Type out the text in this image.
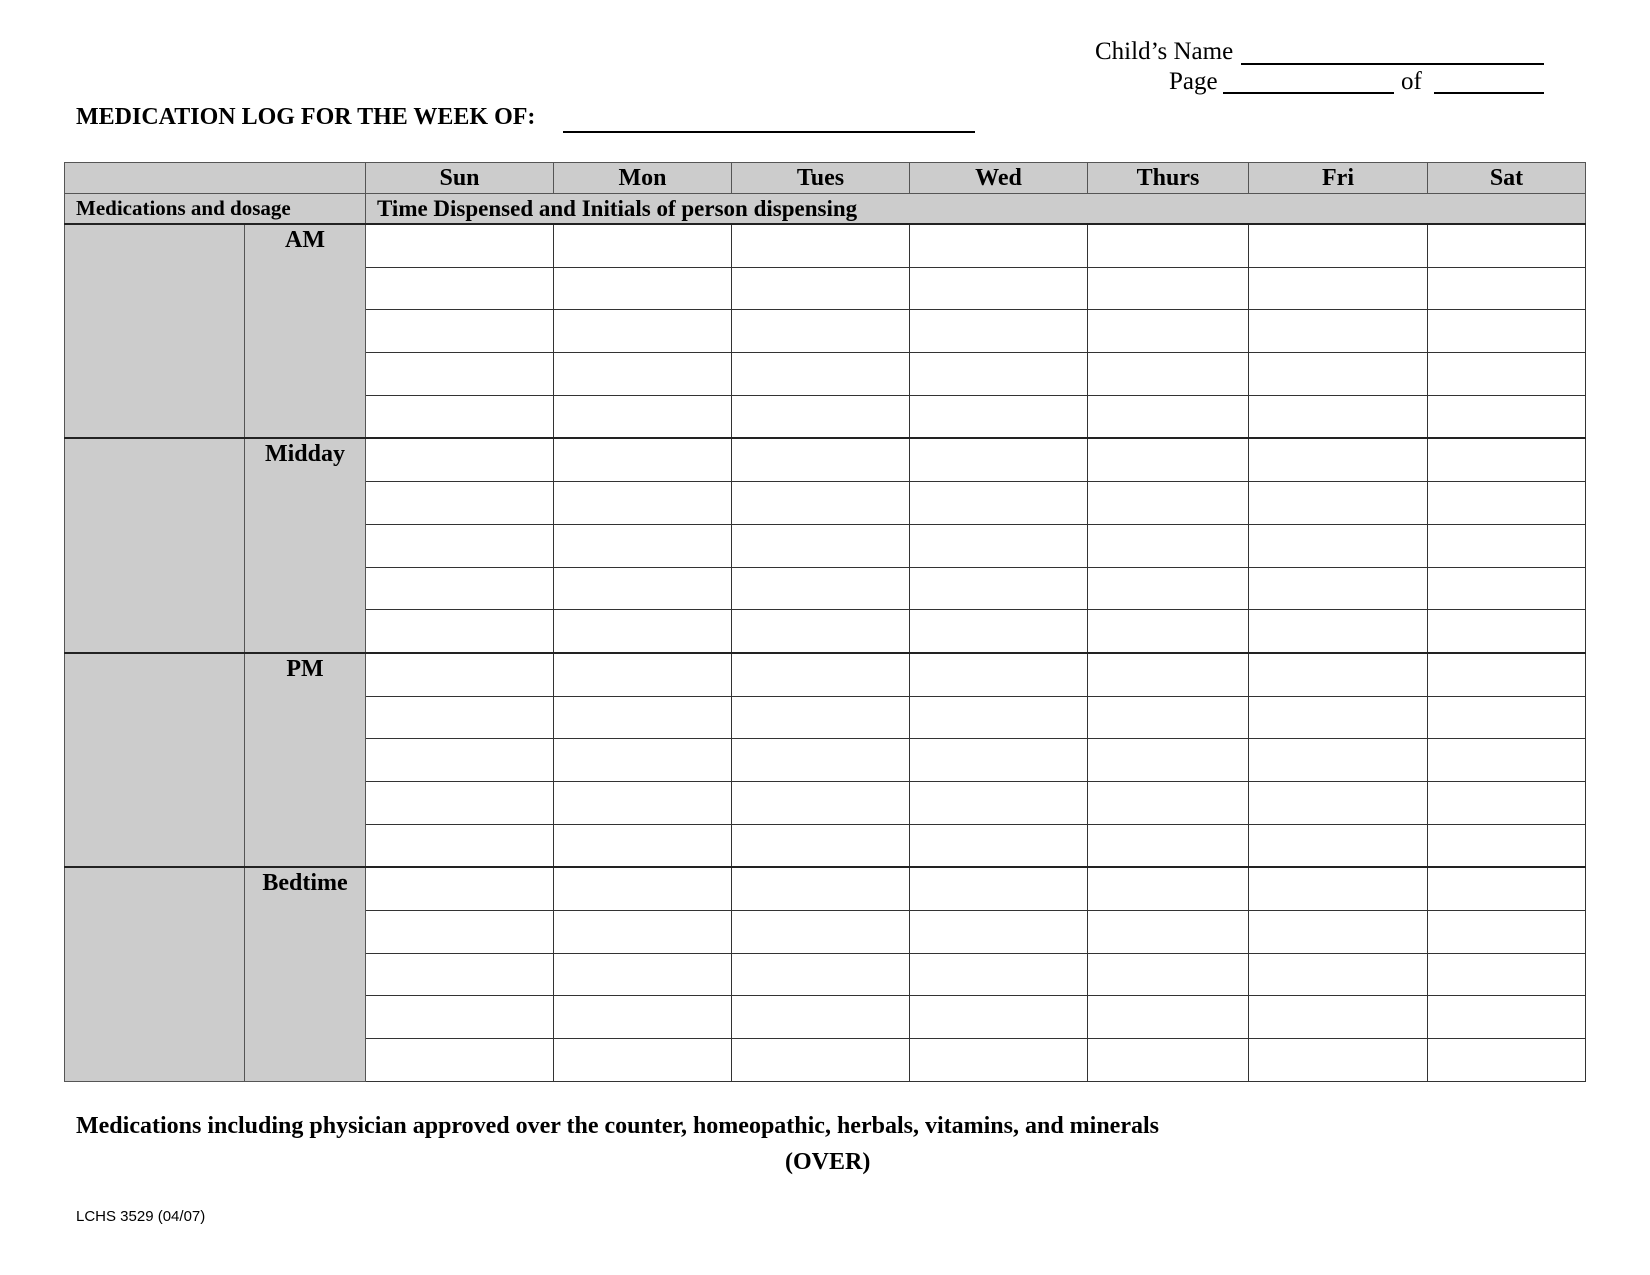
Child’s Name
Page	of
MEDICATION LOG FOR THE WEEK OF:
		Sun	Mon	Tues	Wed	Thurs	Fri	Sat
Medications and dosage		Time Dispensed and Initials of person dispensing						
	AM							

	Midday							

	PM							

	Bedtime							

Medications including physician approved over the counter, homeopathic, herbals, vitamins, and minerals
(OVER)
LCHS 3529 (04/07)
